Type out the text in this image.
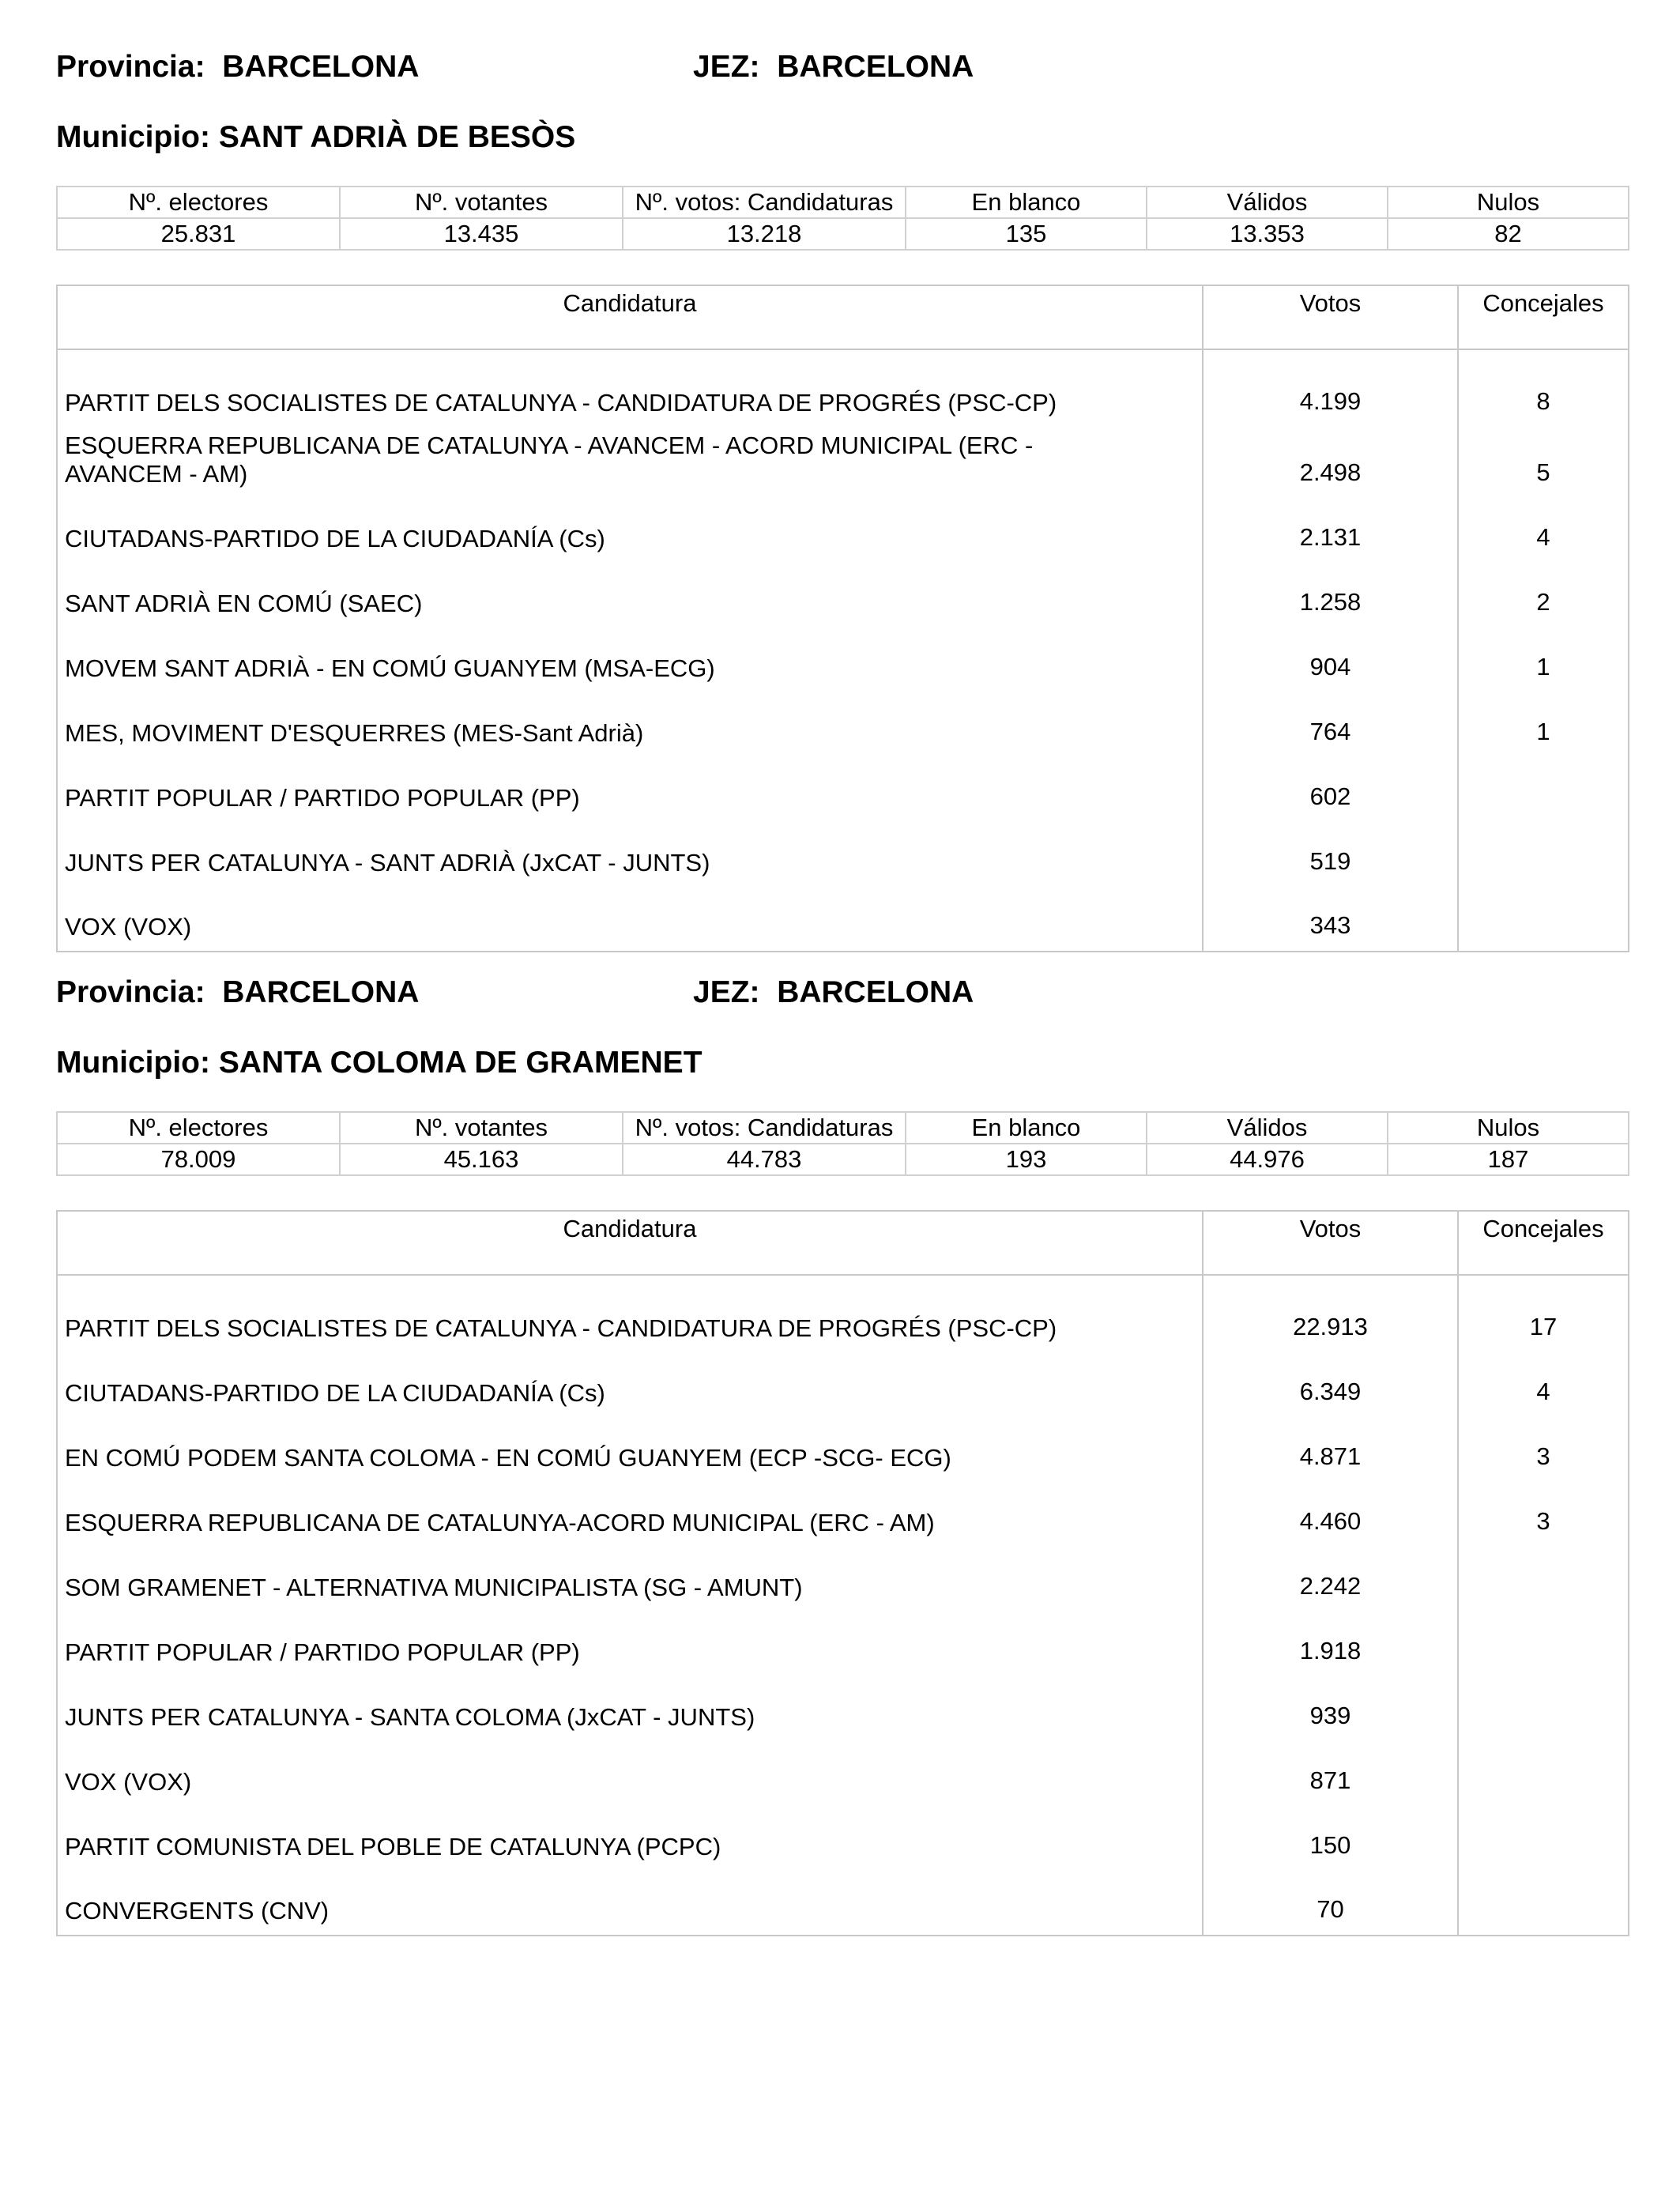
Provincia: BARCELONA	JEZ: BARCELONA
Municipio: SANT ADRIÀ DE BESÒS
Nº. electores	Nº. votantes	Nº. votos: Candidaturas	En blanco	Válidos	Nulos
25.831	13.435	13.218	135	13.353	82
Candidatura	Votos	Concejales
PARTIT DELS SOCIALISTES DE CATALUNYA - CANDIDATURA DE PROGRÉS (PSC-CP)	4.199	8
ESQUERRA REPUBLICANA DE CATALUNYA - AVANCEM - ACORD MUNICIPAL (ERC - AVANCEM - AM)	2.498	5
CIUTADANS-PARTIDO DE LA CIUDADANÍA (Cs)	2.131	4
SANT ADRIÀ EN COMÚ (SAEC)	1.258	2
MOVEM SANT ADRIÀ - EN COMÚ GUANYEM (MSA-ECG)	904	1
MES, MOVIMENT D'ESQUERRES (MES-Sant Adrià)	764	1
PARTIT POPULAR / PARTIDO POPULAR (PP)	602	
JUNTS PER CATALUNYA - SANT ADRIÀ (JxCAT - JUNTS)	519	
VOX (VOX)	343	
Provincia: BARCELONA	JEZ: BARCELONA
Municipio: SANTA COLOMA DE GRAMENET
Nº. electores	Nº. votantes	Nº. votos: Candidaturas	En blanco	Válidos	Nulos
78.009	45.163	44.783	193	44.976	187
Candidatura	Votos	Concejales
PARTIT DELS SOCIALISTES DE CATALUNYA - CANDIDATURA DE PROGRÉS (PSC-CP)	22.913	17
CIUTADANS-PARTIDO DE LA CIUDADANÍA (Cs)	6.349	4
EN COMÚ PODEM SANTA COLOMA - EN COMÚ GUANYEM (ECP -SCG- ECG)	4.871	3
ESQUERRA REPUBLICANA DE CATALUNYA-ACORD MUNICIPAL (ERC - AM)	4.460	3
SOM GRAMENET - ALTERNATIVA MUNICIPALISTA (SG - AMUNT)	2.242	
PARTIT POPULAR / PARTIDO POPULAR (PP)	1.918	
JUNTS PER CATALUNYA - SANTA COLOMA (JxCAT - JUNTS)	939	
VOX (VOX)	871	
PARTIT COMUNISTA DEL POBLE DE CATALUNYA (PCPC)	150	
CONVERGENTS (CNV)	70	
